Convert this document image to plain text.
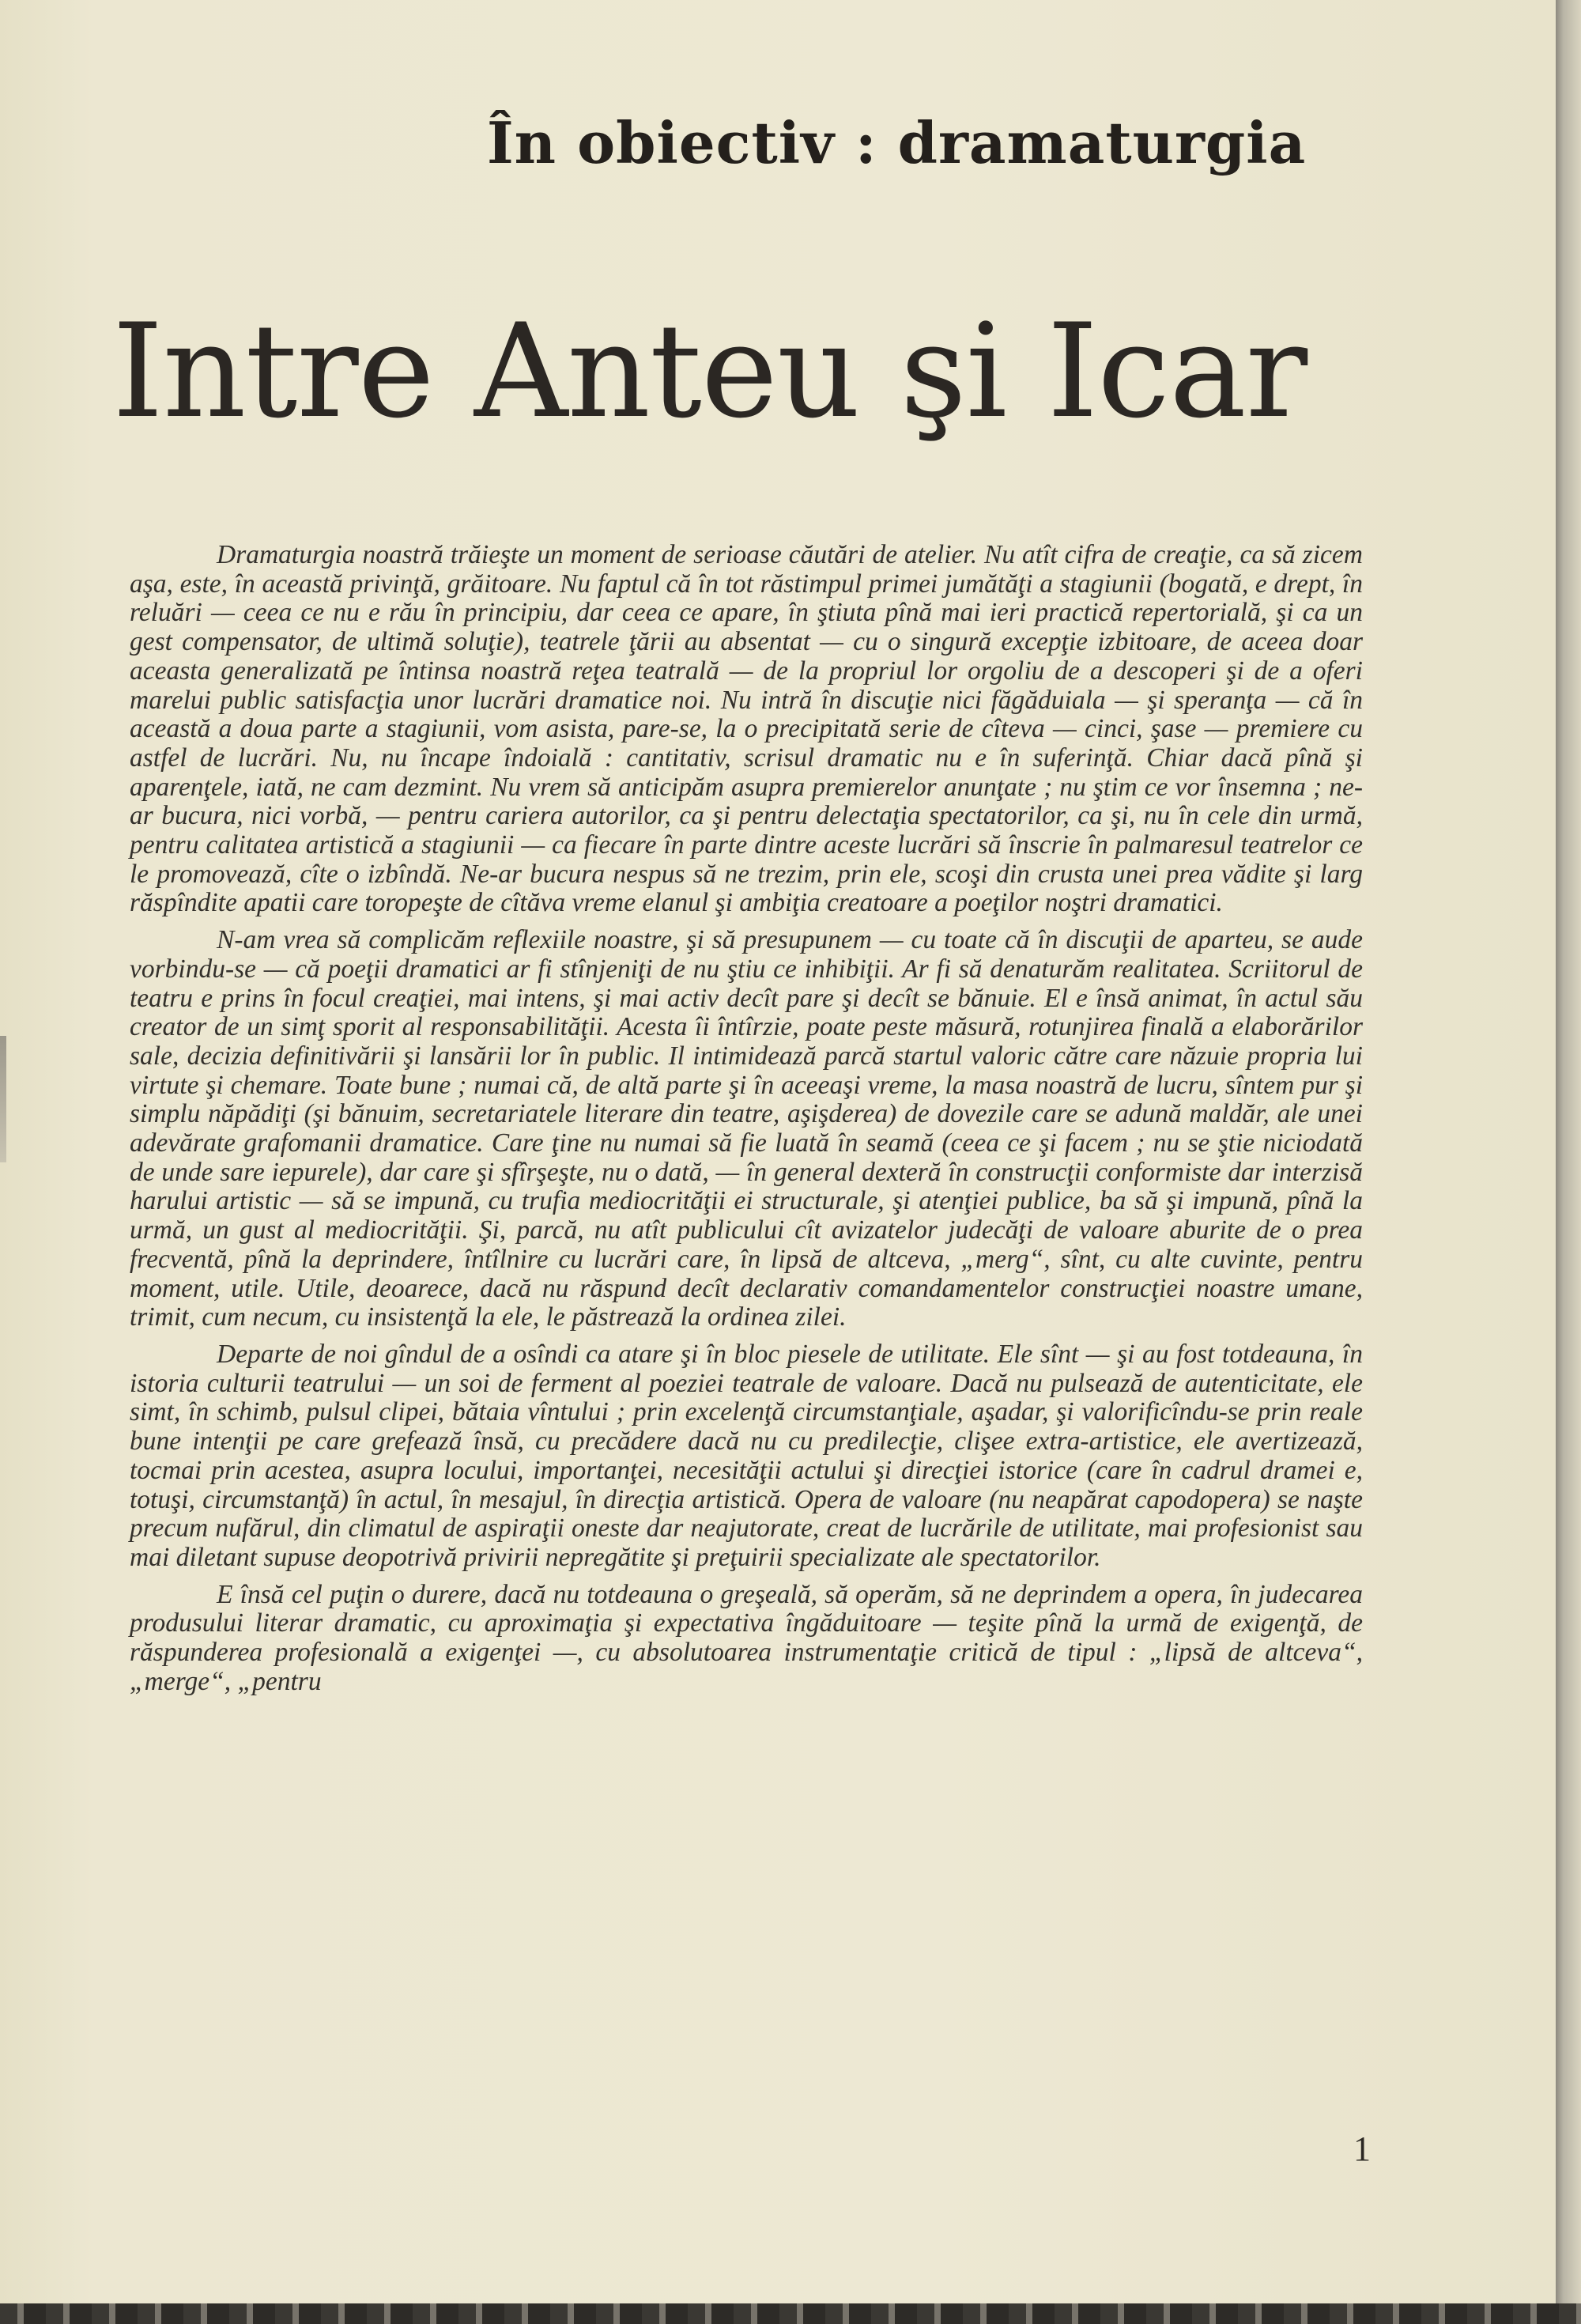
În obiectiv : dramaturgia
Intre Anteu şi Icar

Dramaturgia noastră trăieşte un moment de serioase căutări de atelier. Nu atît cifra de creaţie, ca să zicem aşa, este, în această privinţă, grăitoare. Nu faptul că în tot răstimpul primei jumătăţi a stagiunii (bogată, e drept, în reluări — ceea ce nu e rău în principiu, dar ceea ce apare, în ştiuta pînă mai ieri practică repertorială, şi ca un gest compensator, de ultimă soluţie), teatrele ţării au absentat — cu o singură excepţie izbitoare, de aceea doar aceasta generalizată pe întinsa noastră reţea teatrală — de la propriul lor orgoliu de a descoperi şi de a oferi marelui public satisfacţia unor lucrări dramatice noi. Nu intră în discuţie nici făgăduiala — şi speranţa — că în această a doua parte a stagiunii, vom asista, pare-se, la o precipitată serie de cîteva — cinci, şase — premiere cu astfel de lucrări. Nu, nu încape îndoială : cantitativ, scrisul dramatic nu e în suferinţă. Chiar dacă pînă şi aparenţele, iată, ne cam dezmint. Nu vrem să anticipăm asupra premierelor anunţate ; nu ştim ce vor însemna ; ne-ar bucura, nici vorbă, — pentru cariera autorilor, ca şi pentru delectaţia spectatorilor, ca şi, nu în cele din urmă, pentru calitatea artistică a stagiunii — ca fiecare în parte dintre aceste lucrări să înscrie în palmaresul teatrelor ce le promovează, cîte o izbîndă. Ne-ar bucura nespus să ne trezim, prin ele, scoşi din crusta unei prea vădite şi larg răspîndite apatii care toropeşte de cîtăva vreme elanul şi ambiţia creatoare a poeţilor noştri dramatici.

N-am vrea să complicăm reflexiile noastre, şi să presupunem — cu toate că în discuţii de aparteu, se aude vorbindu-se — că poeţii dramatici ar fi stînjeniţi de nu ştiu ce inhibiţii. Ar fi să denaturăm realitatea. Scriitorul de teatru e prins în focul creaţiei, mai intens, şi mai activ decît pare şi decît se bănuie. El e însă animat, în actul său creator de un simţ sporit al responsabilităţii. Acesta îi întîrzie, poate peste măsură, rotunjirea finală a elaborărilor sale, decizia definitivării şi lansării lor în public. Il intimidează parcă startul valoric către care năzuie propria lui virtute şi chemare. Toate bune ; numai că, de altă parte şi în aceeaşi vreme, la masa noastră de lucru, sîntem pur şi simplu năpădiţi (şi bănuim, secretariatele literare din teatre, aşişderea) de dovezile care se adună maldăr, ale unei adevărate grafomanii dramatice. Care ţine nu numai să fie luată în seamă (ceea ce şi facem ; nu se ştie niciodată de unde sare iepurele), dar care şi sfîrşeşte, nu o dată, — în general dexteră în construcţii conformiste dar interzisă harului artistic — să se impună, cu trufia mediocrităţii ei structurale, şi atenţiei publice, ba să şi impună, pînă la urmă, un gust al mediocrităţii. Şi, parcă, nu atît publicului cît avizatelor judecăţi de valoare aburite de o prea frecventă, pînă la deprindere, întîlnire cu lucrări care, în lipsă de altceva, „merg“, sînt, cu alte cuvinte, pentru moment, utile. Utile, deoarece, dacă nu răspund decît declarativ comandamentelor construcţiei noastre umane, trimit, cum necum, cu insistenţă la ele, le păstrează la ordinea zilei.

Departe de noi gîndul de a osîndi ca atare şi în bloc piesele de utilitate. Ele sînt — şi au fost totdeauna, în istoria culturii teatrului — un soi de ferment al poeziei teatrale de valoare. Dacă nu pulsează de autenticitate, ele simt, în schimb, pulsul clipei, bătaia vîntului ; prin excelenţă circumstanţiale, aşadar, şi valorificîndu-se prin reale bune intenţii pe care grefează însă, cu precădere dacă nu cu predilecţie, clişee extra-artistice, ele avertizează, tocmai prin acestea, asupra locului, importanţei, necesităţii actului şi direcţiei istorice (care în cadrul dramei e, totuşi, circumstanţă) în actul, în mesajul, în direcţia artistică. Opera de valoare (nu neapărat capodopera) se naşte precum nufărul, din climatul de aspiraţii oneste dar neajutorate, creat de lucrările de utilitate, mai profesionist sau mai diletant supuse deopotrivă privirii nepregătite şi preţuirii specializate ale spectatorilor.

E însă cel puţin o durere, dacă nu totdeauna o greşeală, să operăm, să ne deprindem a opera, în judecarea produsului literar dramatic, cu aproximaţia şi expectativa îngăduitoare — teşite pînă la urmă de exigenţă, de răspunderea profesională a exigenţei —, cu absolutoarea instrumentaţie critică de tipul : „lipsă de altceva“, „merge“, „pentru

1
